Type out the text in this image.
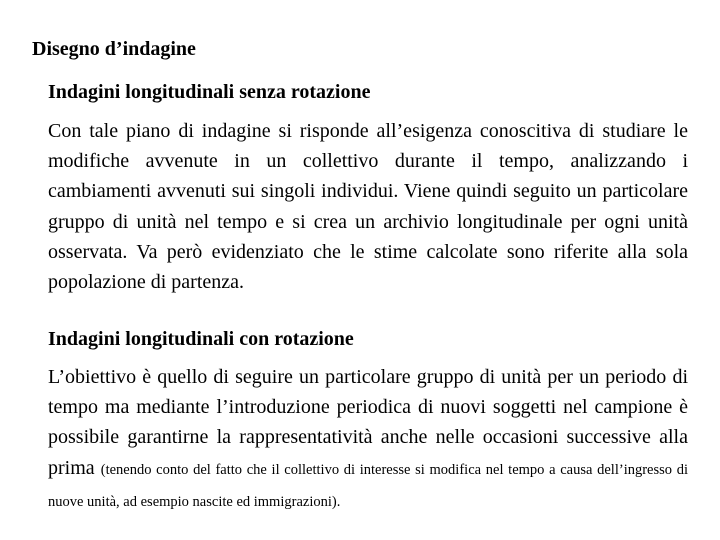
Disegno d’indagine
Indagini longitudinali senza rotazione
Con tale piano di indagine si risponde all’esigenza conoscitiva di studiare le modifiche avvenute in un collettivo durante il tempo, analizzando i cambiamenti avvenuti sui singoli individui. Viene quindi seguito un particolare gruppo di unità nel tempo e si crea un archivio longitudinale per ogni unità osservata. Va però evidenziato che le stime calcolate sono riferite alla sola popolazione di partenza.
Indagini longitudinali con rotazione
L’obiettivo è quello di seguire un particolare gruppo di unità per un periodo di tempo ma mediante l’introduzione periodica di nuovi soggetti nel campione è possibile garantirne la rappresentatività anche nelle occasioni successive alla prima (tenendo conto del fatto che il collettivo di interesse si modifica nel tempo a causa dell’ingresso di nuove unità, ad esempio nascite ed immigrazioni).
